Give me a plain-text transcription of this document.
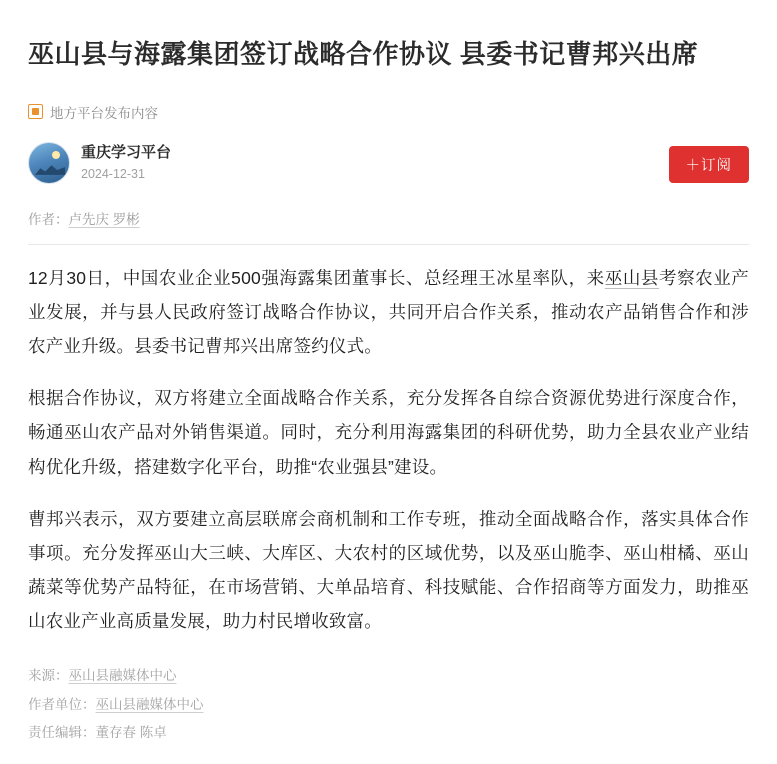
巫山县与海露集团签订战略合作协议 县委书记曹邦兴出席
地方平台发布内容
重庆学习平台
2024-12-31
＋订阅
作者：卢先庆 罗彬

12月30日，中国农业企业500强海露集团董事长、总经理王冰星率队，来巫山县考察农业产业发展，并与县人民政府签订战略合作协议，共同开启合作关系，推动农产品销售合作和涉农产业升级。县委书记曹邦兴出席签约仪式。

根据合作协议，双方将建立全面战略合作关系，充分发挥各自综合资源优势进行深度合作，畅通巫山农产品对外销售渠道。同时，充分利用海露集团的科研优势，助力全县农业产业结构优化升级，搭建数字化平台，助推“农业强县”建设。

曹邦兴表示，双方要建立高层联席会商机制和工作专班，推动全面战略合作，落实具体合作事项。充分发挥巫山大三峡、大库区、大农村的区域优势，以及巫山脆李、巫山柑橘、巫山蔬菜等优势产品特征，在市场营销、大单品培育、科技赋能、合作招商等方面发力，助推巫山农业产业高质量发展，助力村民增收致富。

来源：巫山县融媒体中心
作者单位：巫山县融媒体中心
责任编辑：董存春 陈卓
